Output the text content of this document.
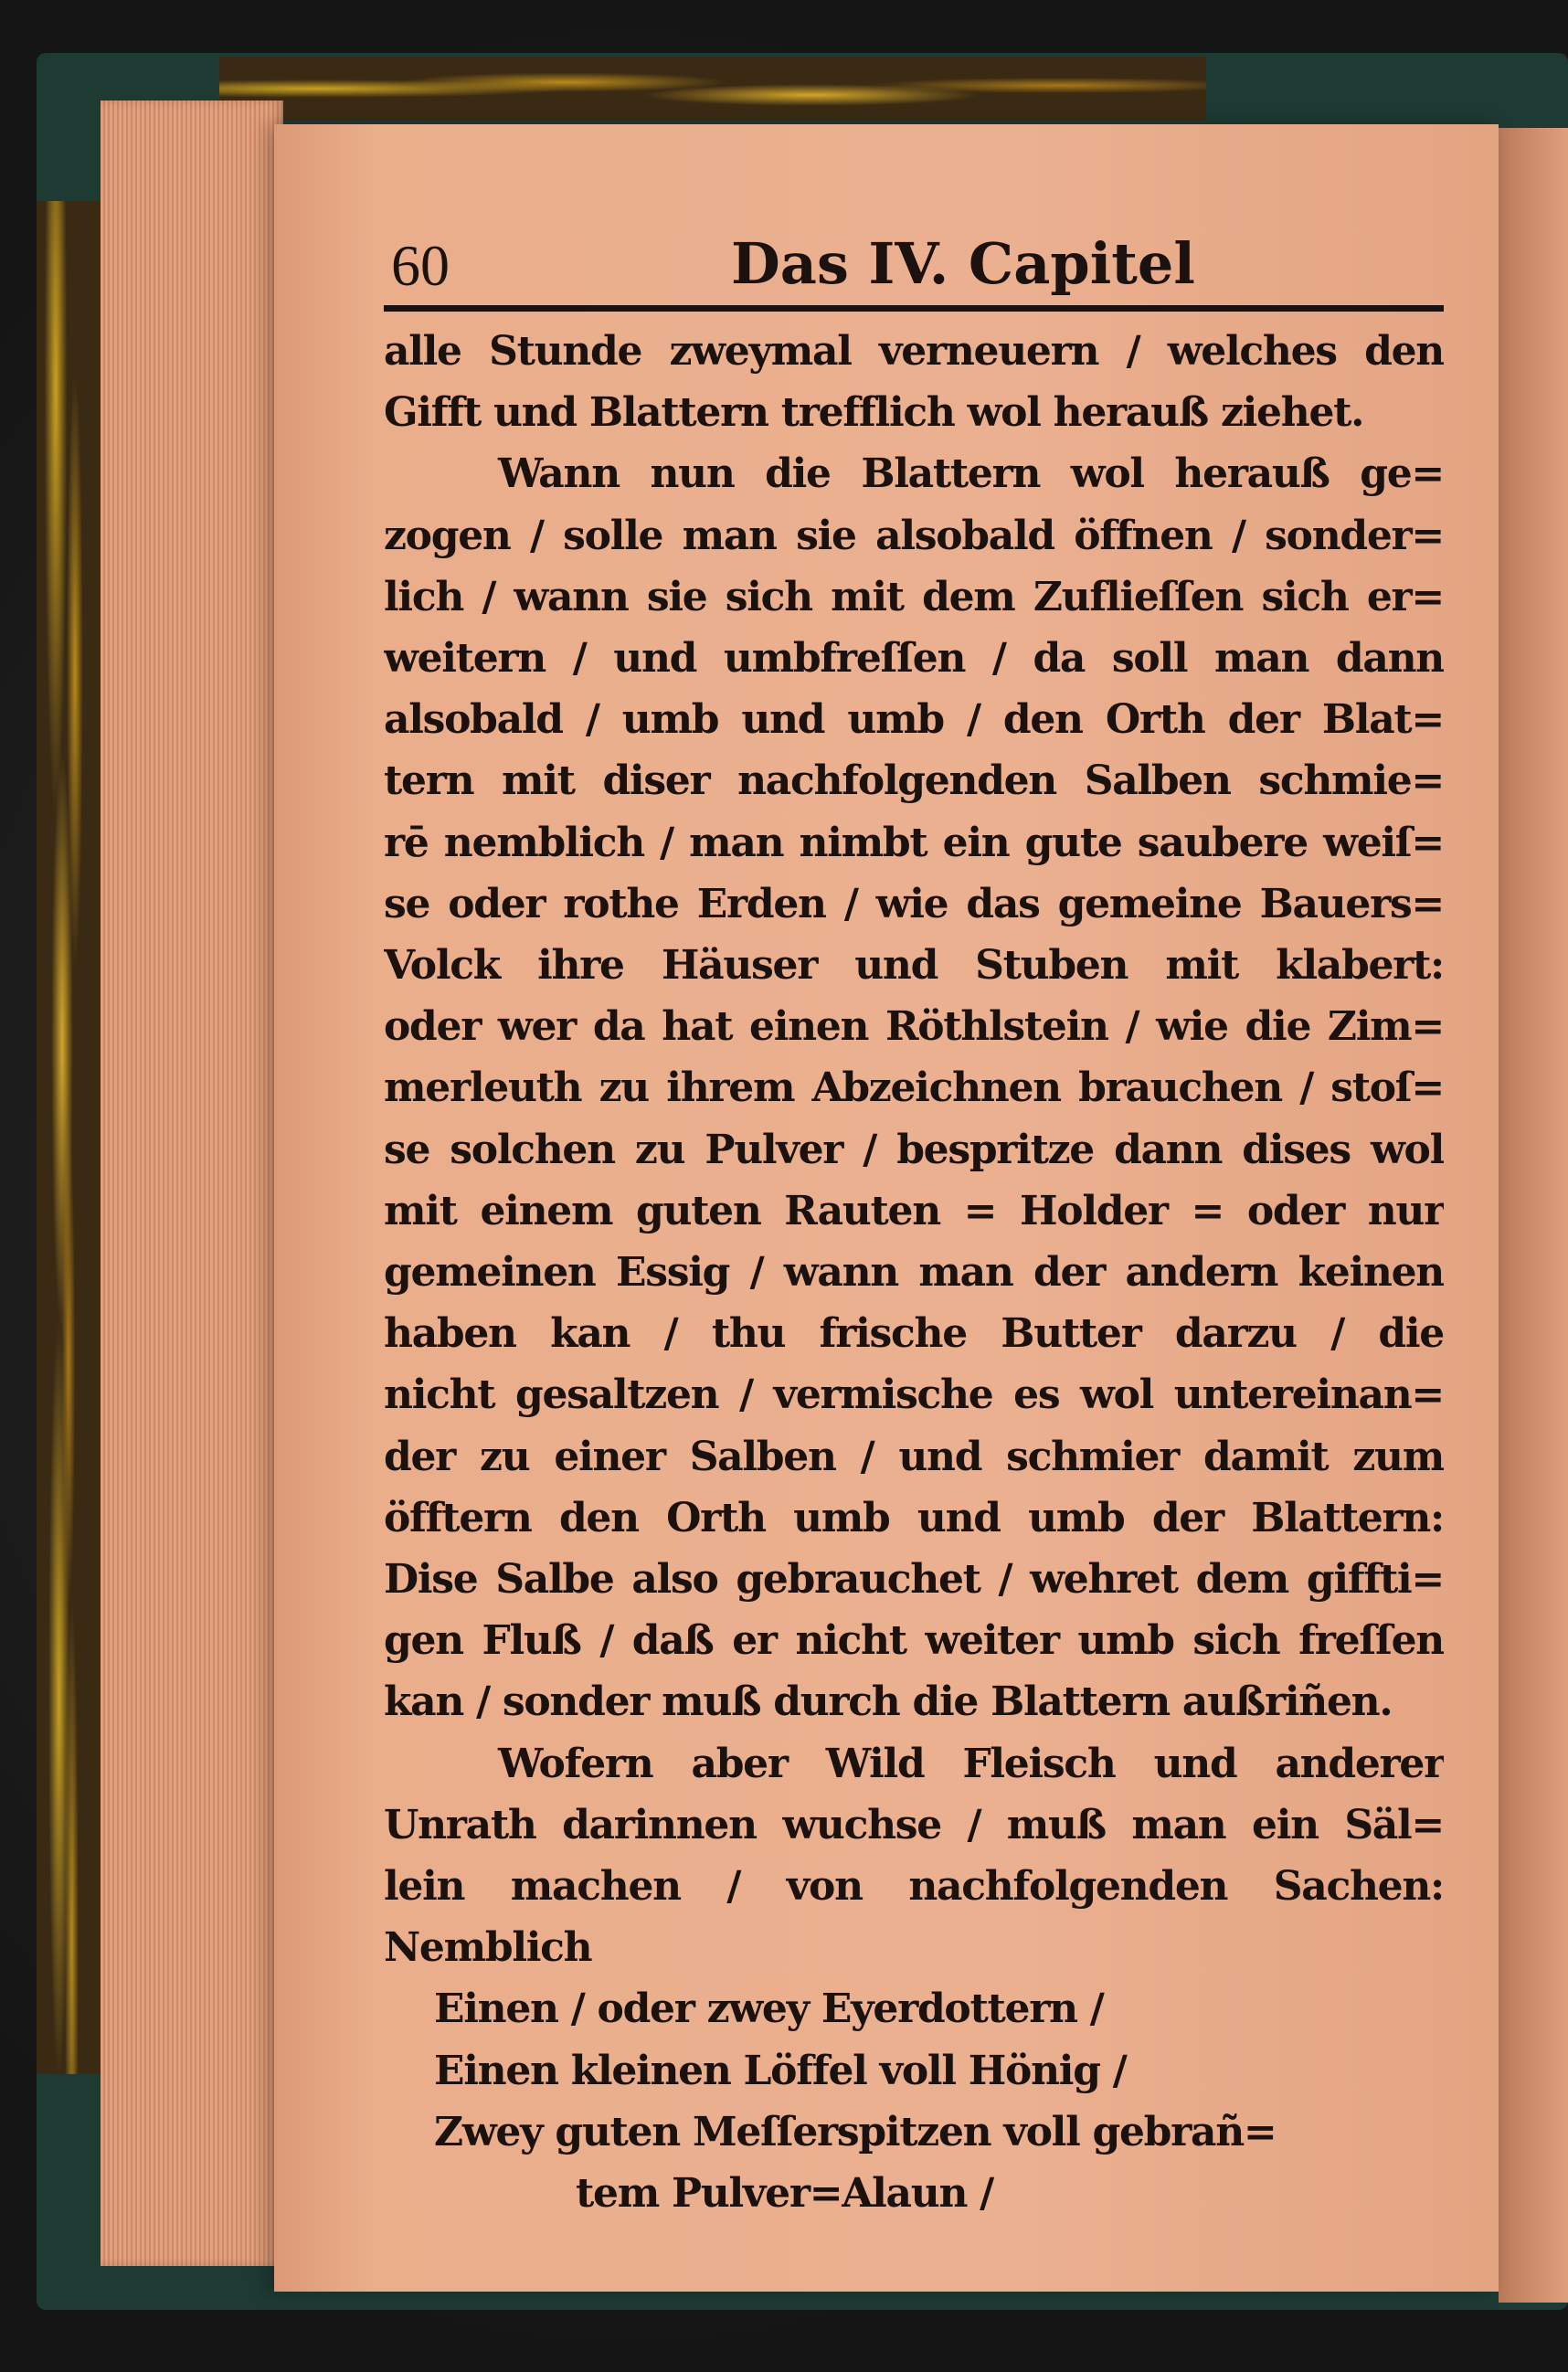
60	Das IV. Capitel
alle Stunde zweymal verneuern / welches den
Gifft und Blattern trefflich wol herauß ziehet.
Wann nun die Blattern wol herauß ge=
zogen / solle man sie alsobald öffnen / sonder=
lich / wann sie sich mit dem Zuflieſſen sich er=
weitern / und umbfreſſen / da soll man dann
alsobald / umb und umb / den Orth der Blat=
tern mit diser nachfolgenden Salben schmie=
rē nemblich / man nimbt ein gute saubere weiſ=
se oder rothe Erden / wie das gemeine Bauers=
Volck ihre Häuser und Stuben mit klabert:
oder wer da hat einen Röthlstein / wie die Zim=
merleuth zu ihrem Abzeichnen brauchen / stoſ=
se solchen zu Pulver / bespritze dann dises wol
mit einem guten Rauten = Holder = oder nur
gemeinen Essig / wann man der andern keinen
haben kan / thu frische Butter darzu / die
nicht gesaltzen / vermische es wol untereinan=
der zu einer Salben / und schmier damit zum
öfftern den Orth umb und umb der Blattern:
Dise Salbe also gebrauchet / wehret dem giffti=
gen Fluß / daß er nicht weiter umb sich freſſen
kan / sonder muß durch die Blattern außriñen.
Wofern aber Wild Fleisch und anderer
Unrath darinnen wuchse / muß man ein Säl=
lein machen / von nachfolgenden Sachen:
Nemblich
Einen / oder zwey Eyerdottern /
Einen kleinen Löffel voll Hönig /
Zwey guten Meſſerspitzen voll gebrañ=
tem Pulver=Alaun /
